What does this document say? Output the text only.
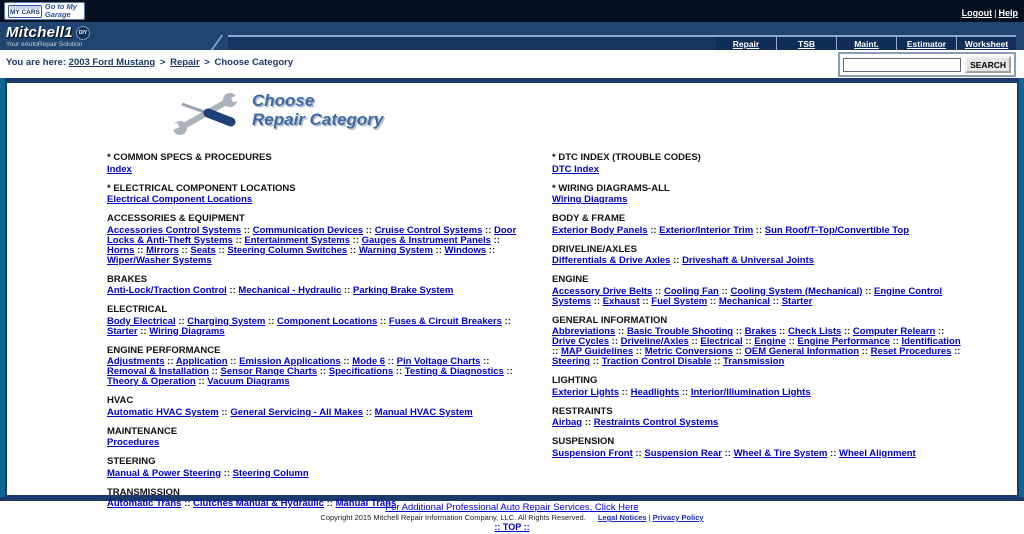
MY CARS
Go to My Garage	Logout | Help
Mitchell1	DIY
Your eAutoRepair Solution	Repair	TSB	Maint.	Estimator	Worksheet
You are here: 2003 Ford Mustang > Repair > Choose Category	SEARCH
Choose
Repair Category
* COMMON SPECS & PROCEDURES
Index
* ELECTRICAL COMPONENT LOCATIONS
Electrical Component Locations
ACCESSORIES & EQUIPMENT
Accessories Control Systems :: Communication Devices :: Cruise Control Systems :: Door Locks & Anti-Theft Systems :: Entertainment Systems :: Gauges & Instrument Panels :: Horns :: Mirrors :: Seats :: Steering Column Switches :: Warning System :: Windows :: Wiper/Washer Systems
BRAKES
Anti-Lock/Traction Control :: Mechanical - Hydraulic :: Parking Brake System
ELECTRICAL
Body Electrical :: Charging System :: Component Locations :: Fuses & Circuit Breakers :: Starter :: Wiring Diagrams
ENGINE PERFORMANCE
Adjustments :: Application :: Emission Applications :: Mode 6 :: Pin Voltage Charts :: Removal & Installation :: Sensor Range Charts :: Specifications :: Testing & Diagnostics :: Theory & Operation :: Vacuum Diagrams
HVAC
Automatic HVAC System :: General Servicing - All Makes :: Manual HVAC System
MAINTENANCE
Procedures
STEERING
Manual & Power Steering :: Steering Column
TRANSMISSION
Automatic Trans :: Clutches Manual & Hydraulic :: Manual Trans
* DTC INDEX (TROUBLE CODES)
DTC Index
* WIRING DIAGRAMS-ALL
Wiring Diagrams
BODY & FRAME
Exterior Body Panels :: Exterior/Interior Trim :: Sun Roof/T-Top/Convertible Top
DRIVELINE/AXLES
Differentials & Drive Axles :: Driveshaft & Universal Joints
ENGINE
Accessory Drive Belts :: Cooling Fan :: Cooling System (Mechanical) :: Engine Control Systems :: Exhaust :: Fuel System :: Mechanical :: Starter
GENERAL INFORMATION
Abbreviations :: Basic Trouble Shooting :: Brakes :: Check Lists :: Computer Relearn :: Drive Cycles :: Driveline/Axles :: Electrical :: Engine :: Engine Performance :: Identification :: MAP Guidelines :: Metric Conversions :: OEM General Information :: Reset Procedures :: Steering :: Traction Control Disable :: Transmission
LIGHTING
Exterior Lights :: Headlights :: Interior/Illumination Lights
RESTRAINTS
Airbag :: Restraints Control Systems
SUSPENSION
Suspension Front :: Suspension Rear :: Wheel & Tire System :: Wheel Alignment
For Additional Professional Auto Repair Services, Click Here
Copyright 2015 Mitchell Repair Information Company, LLC. All Rights Reserved. Legal Notices | Privacy Policy
:: TOP ::
